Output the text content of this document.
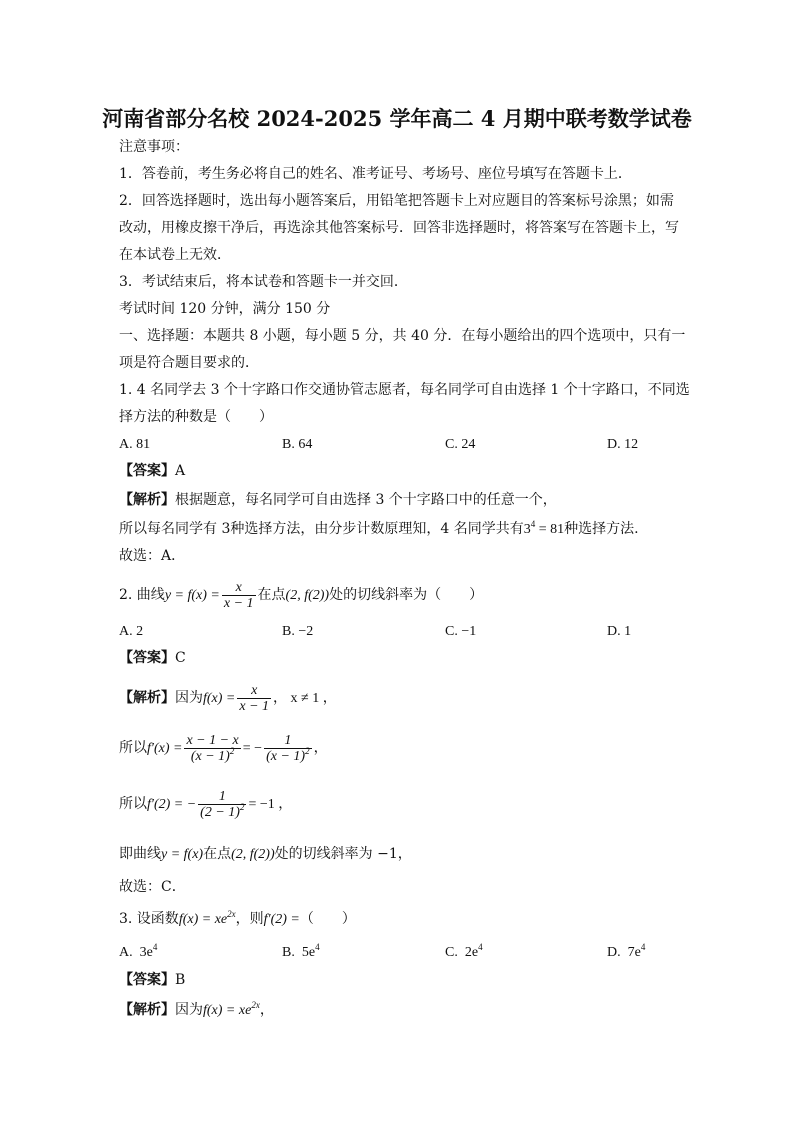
河南省部分名校 2024-2025 学年高二 4 月期中联考数学试卷
注意事项：
1．答卷前，考生务必将自己的姓名、准考证号、考场号、座位号填写在答题卡上．
2．回答选择题时，选出每小题答案后，用铅笔把答题卡上对应题目的答案标号涂黑；如需
改动，用橡皮擦干净后，再选涂其他答案标号．回答非选择题时，将答案写在答题卡上，写
在本试卷上无效．
3．考试结束后，将本试卷和答题卡一并交回．
考试时间 120 分钟，满分 150 分
一、选择题：本题共 8 小题，每小题 5 分，共 40 分．在每小题给出的四个选项中，只有一
项是符合题目要求的．
1. 4 名同学去 3 个十字路口作交通协管志愿者，每名同学可自由选择 1 个十字路口，不同选
择方法的种数是（　　）
A. 81	B. 64	C. 24	D. 12
【答案】A
【解析】根据题意，每名同学可自由选择 3 个十字路口中的任意一个，
所以每名同学有 3种选择方法，由分步计数原理知，4 名同学共有$3^4 = 81$种选择方法.
故选：A．
2. 曲线$y = f(x) = \frac{x}{x - 1}$ 在点(2, f(2))处的切线斜率为（　　）
A. 2	B. −2	C. −1	D. 1
【答案】C
【解析】因为$f(x) = \frac{x}{x - 1}$ ， x ≠ 1 ，
所以$f'(x) = \frac{x - 1 - x}{(x - 1)^2}$ = − $\frac{1}{(x - 1)^2}$ ，
所以f′(2) = − $\frac{1}{(2 - 1)^2} = -1$ ，
即曲线y = f(x)在点(2, f(2))处的切线斜率为 −1，
故选：C．
3. 设函数$f(x) = xe^{2x}$，则f′(2) =（　　）
A. $3e^4$	B. $5e^4$	C. $2e^4$	D. $7e^4$
【答案】B
【解析】因为$f(x) = xe^{2x}$，
